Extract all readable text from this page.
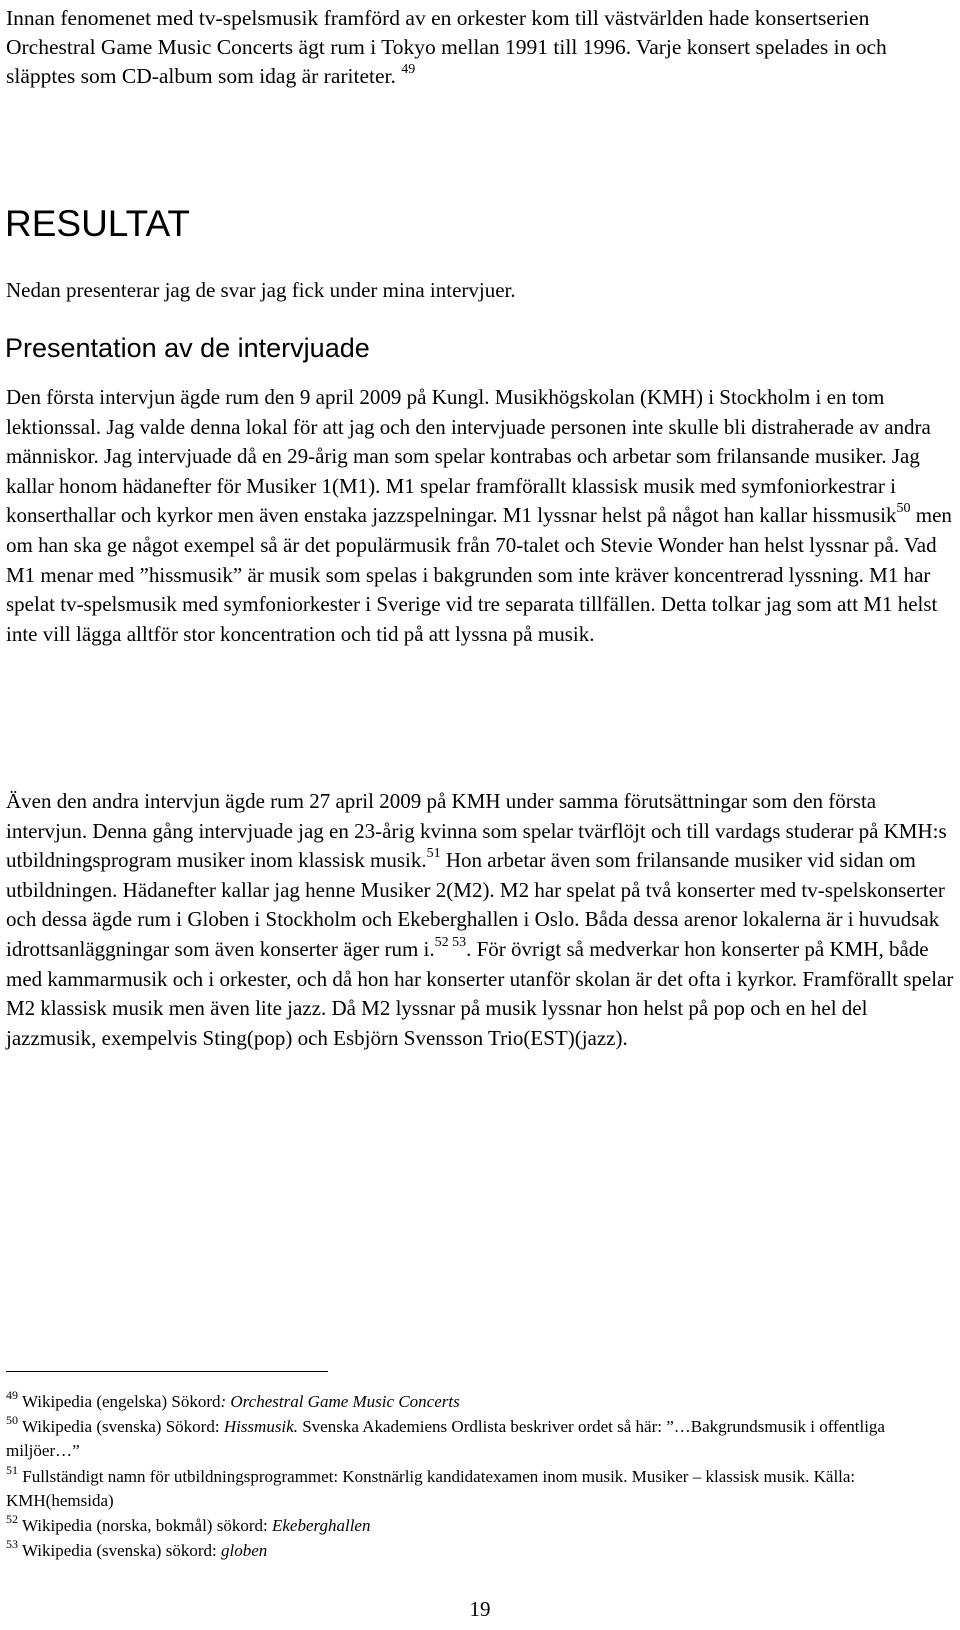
Innan fenomenet med tv-spelsmusik framförd av en orkester kom till västvärlden hade konsertserien Orchestral Game Music Concerts ägt rum i Tokyo mellan 1991 till 1996. Varje konsert spelades in och släpptes som CD-album som idag är rariteter. $^{49}$

RESULTAT

Nedan presenterar jag de svar jag fick under mina intervjuer.

Presentation av de intervjuade

Den första intervjun ägde rum den 9 april 2009 på Kungl. Musikhögskolan (KMH) i Stockholm i en tom lektionssal. Jag valde denna lokal för att jag och den intervjuade personen inte skulle bli distraherade av andra människor. Jag intervjuade då en 29-årig man som spelar kontrabas och arbetar som frilansande musiker. Jag kallar honom hädanefter för Musiker 1(M1). M1 spelar framförallt klassisk musik med symfoniorkestrar i konserthallar och kyrkor men även enstaka jazzspelningar. M1 lyssnar helst på något han kallar hissmusik$^{50}$ men om han ska ge något exempel så är det populärmusik från 70-talet och Stevie Wonder han helst lyssnar på. Vad M1 menar med ”hissmusik” är musik som spelas i bakgrunden som inte kräver koncentrerad lyssning. M1 har spelat tv-spelsmusik med symfoniorkester i Sverige vid tre separata tillfällen. Detta tolkar jag som att M1 helst inte vill lägga alltför stor koncentration och tid på att lyssna på musik.

Även den andra intervjun ägde rum 27 april 2009 på KMH under samma förutsättningar som den första intervjun. Denna gång intervjuade jag en 23-årig kvinna som spelar tvärflöjt och till vardags studerar på KMH:s utbildningsprogram musiker inom klassisk musik.$^{51}$ Hon arbetar även som frilansande musiker vid sidan om utbildningen. Hädanefter kallar jag henne Musiker 2(M2). M2 har spelat på två konserter med tv-spelskonserter och dessa ägde rum i Globen i Stockholm och Ekeberghallen i Oslo. Båda dessa arenor lokalerna är i huvudsak idrottsanläggningar som även konserter äger rum i.$^{52 53}$. För övrigt så medverkar hon konserter på KMH, både med kammarmusik och i orkester, och då hon har konserter utanför skolan är det ofta i kyrkor. Framförallt spelar M2 klassisk musik men även lite jazz. Då M2 lyssnar på musik lyssnar hon helst på pop och en hel del jazzmusik, exempelvis Sting(pop) och Esbjörn Svensson Trio(EST)(jazz).

$^{49}$ Wikipedia (engelska) Sökord: Orchestral Game Music Concerts

$^{50}$ Wikipedia (svenska) Sökord: Hissmusik. Svenska Akademiens Ordlista beskriver ordet så här: ”…Bakgrundsmusik i offentliga miljöer…”

$^{51}$ Fullständigt namn för utbildningsprogrammet: Konstnärlig kandidatexamen inom musik. Musiker – klassisk musik. Källa: KMH(hemsida)

$^{52}$ Wikipedia (norska, bokmål) sökord: Ekeberghallen

$^{53}$ Wikipedia (svenska) sökord: globen

19
